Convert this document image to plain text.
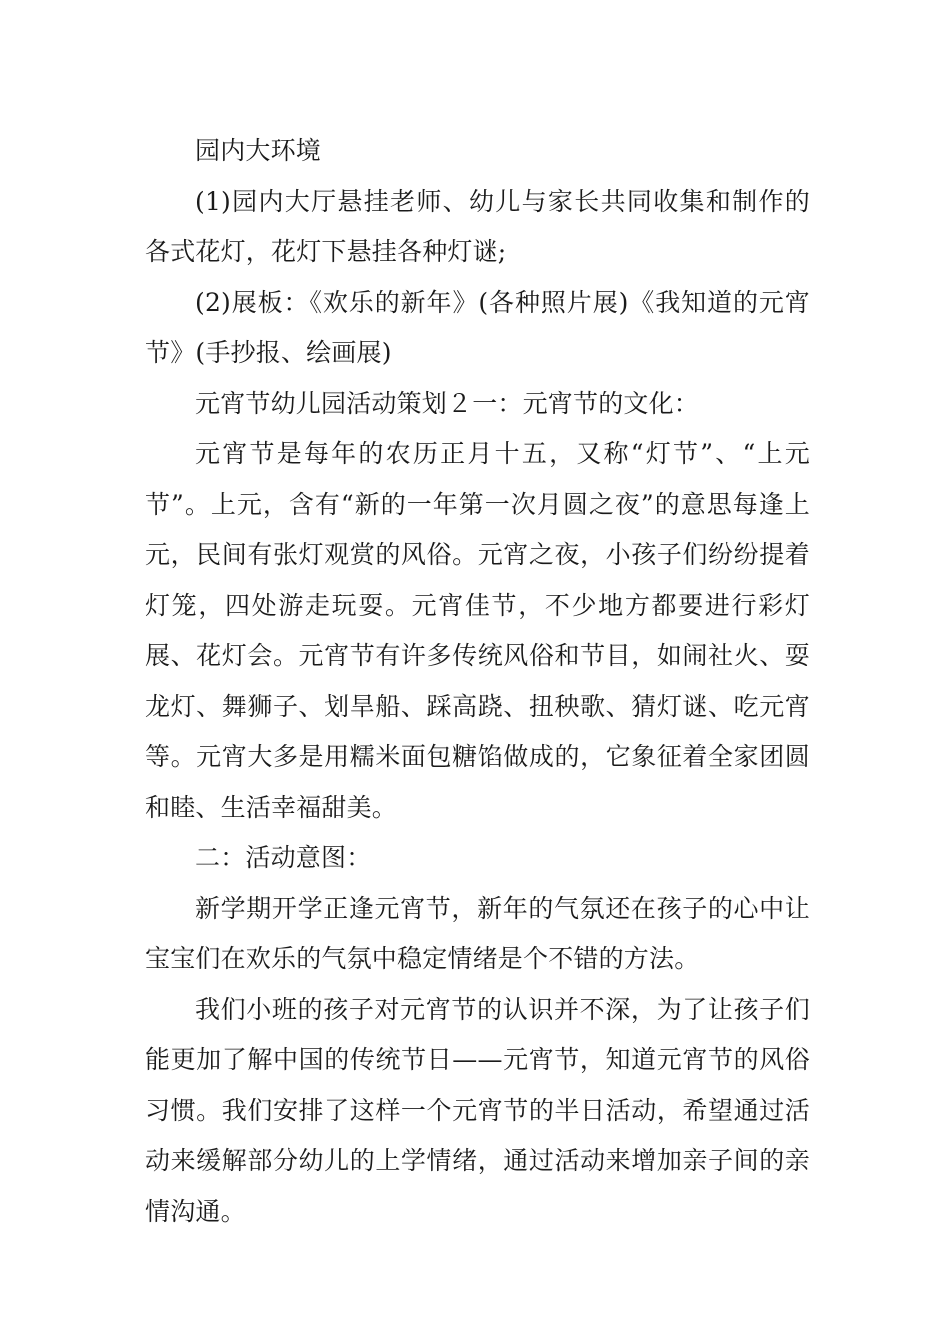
园内大环境

(1)园内大厅悬挂老师、幼儿与家长共同收集和制作的各式花灯，花灯下悬挂各种灯谜;

(2)展板：《欢乐的新年》(各种照片展)《我知道的元宵节》(手抄报、绘画展)

元宵节幼儿园活动策划２一：元宵节的文化：

元宵节是每年的农历正月十五，又称“灯节”、“上元节”。上元，含有“新的一年第一次月圆之夜”的意思每逢上元，民间有张灯观赏的风俗。元宵之夜，小孩子们纷纷提着灯笼，四处游走玩耍。元宵佳节，不少地方都要进行彩灯展、花灯会。元宵节有许多传统风俗和节目，如闹社火、耍龙灯、舞狮子、划旱船、踩高跷、扭秧歌、猜灯谜、吃元宵等。元宵大多是用糯米面包糖馅做成的，它象征着全家团圆和睦、生活幸福甜美。

二：活动意图：

新学期开学正逢元宵节，新年的气氛还在孩子的心中让宝宝们在欢乐的气氛中稳定情绪是个不错的方法。

我们小班的孩子对元宵节的认识并不深，为了让孩子们能更加了解中国的传统节日——元宵节，知道元宵节的风俗习惯。我们安排了这样一个元宵节的半日活动，希望通过活动来缓解部分幼儿的上学情绪，通过活动来增加亲子间的亲情沟通。
